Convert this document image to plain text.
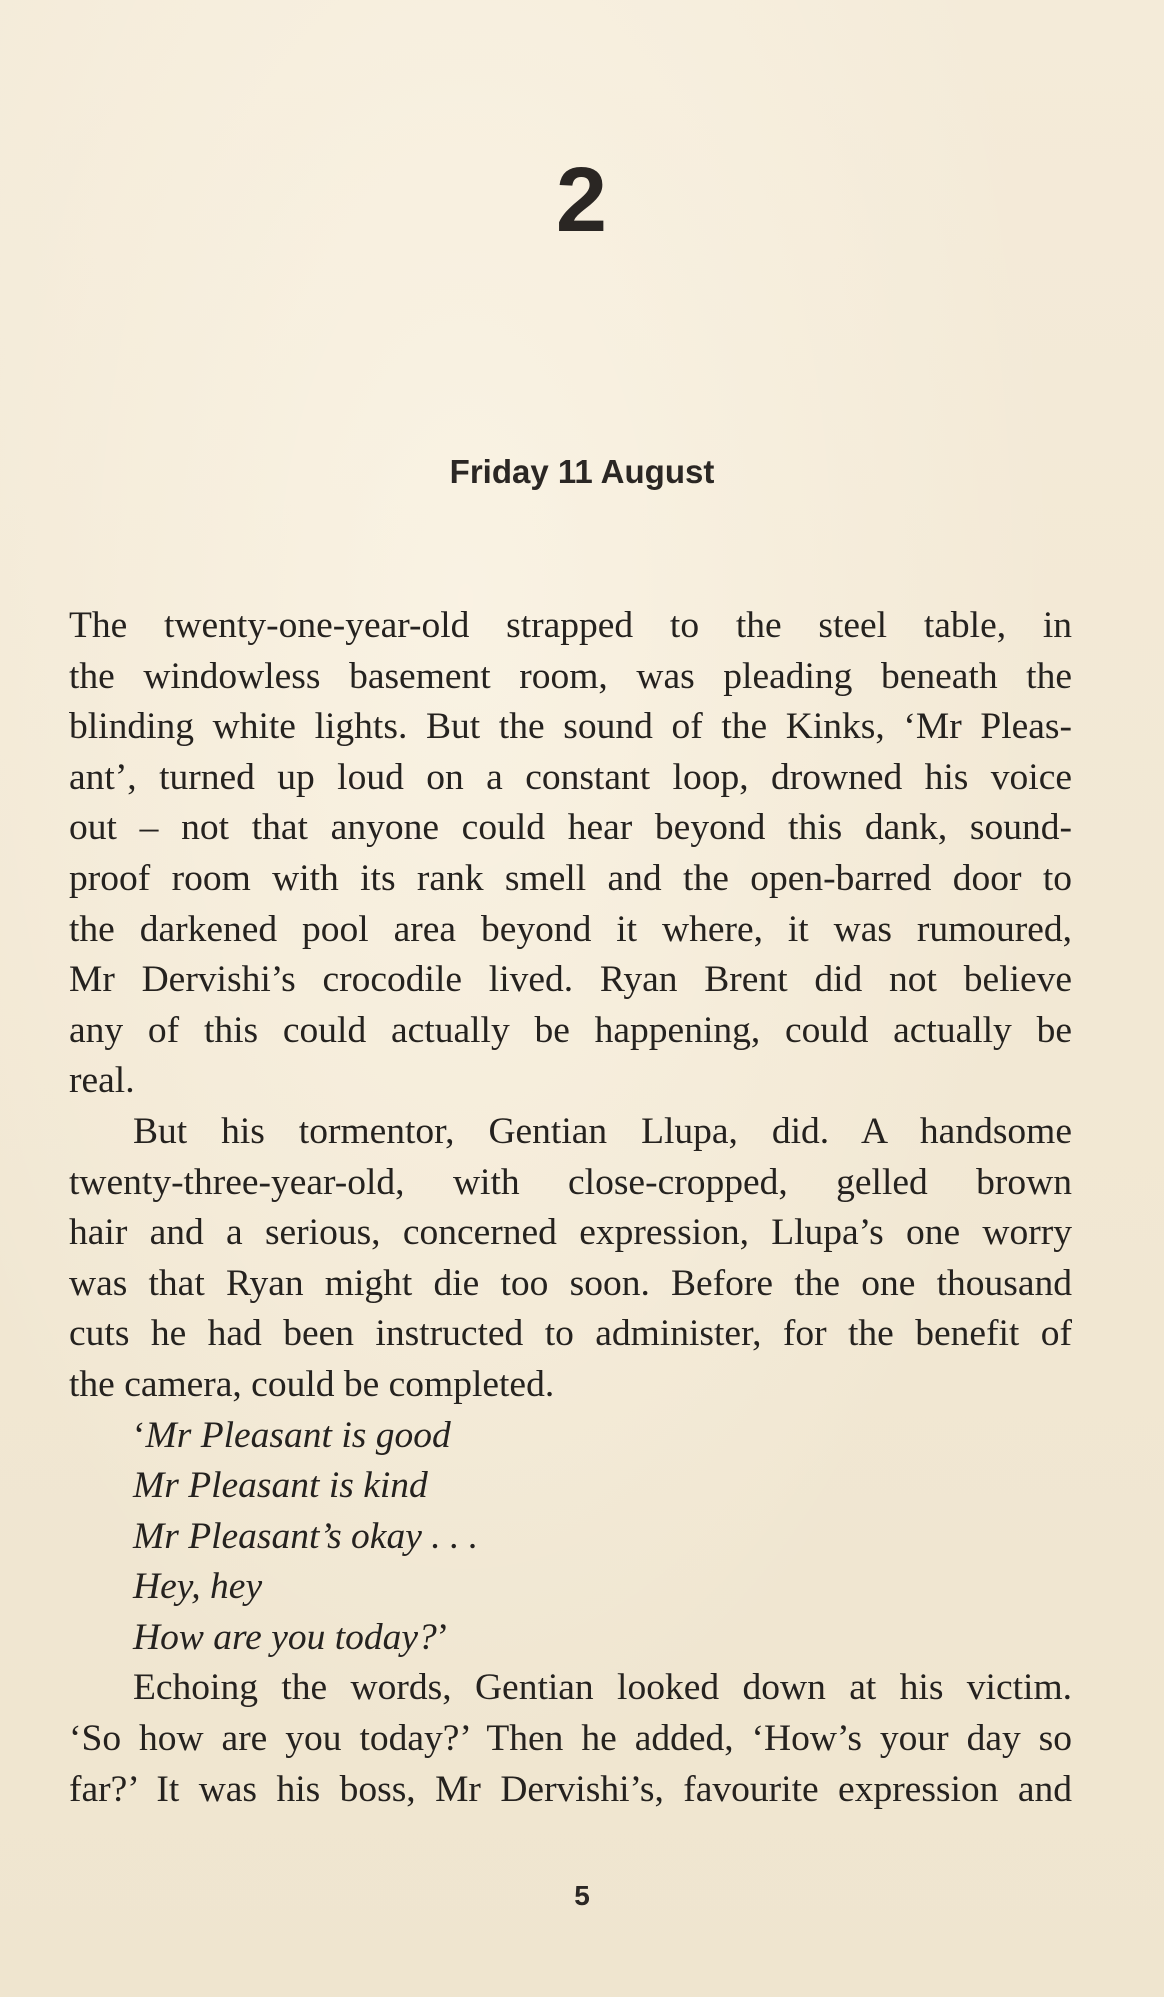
2
Friday 11 August
The twenty-one-year-old strapped to the steel table, in
the windowless basement room, was pleading beneath the
blinding white lights. But the sound of the Kinks, ‘Mr Pleas-
ant’, turned up loud on a constant loop, drowned his voice
out – not that anyone could hear beyond this dank, sound-
proof room with its rank smell and the open-barred door to
the darkened pool area beyond it where, it was rumoured,
Mr Dervishi’s crocodile lived. Ryan Brent did not believe
any of this could actually be happening, could actually be
real.
But his tormentor, Gentian Llupa, did. A handsome
twenty-three-year-old, with close-cropped, gelled brown
hair and a serious, concerned expression, Llupa’s one worry
was that Ryan might die too soon. Before the one thousand
cuts he had been instructed to administer, for the benefit of
the camera, could be completed.
‘Mr Pleasant is good
Mr Pleasant is kind
Mr Pleasant’s okay . . .
Hey, hey
How are you today?’
Echoing the words, Gentian looked down at his victim.
‘So how are you today?’ Then he added, ‘How’s your day so
far?’ It was his boss, Mr Dervishi’s, favourite expression and
5
